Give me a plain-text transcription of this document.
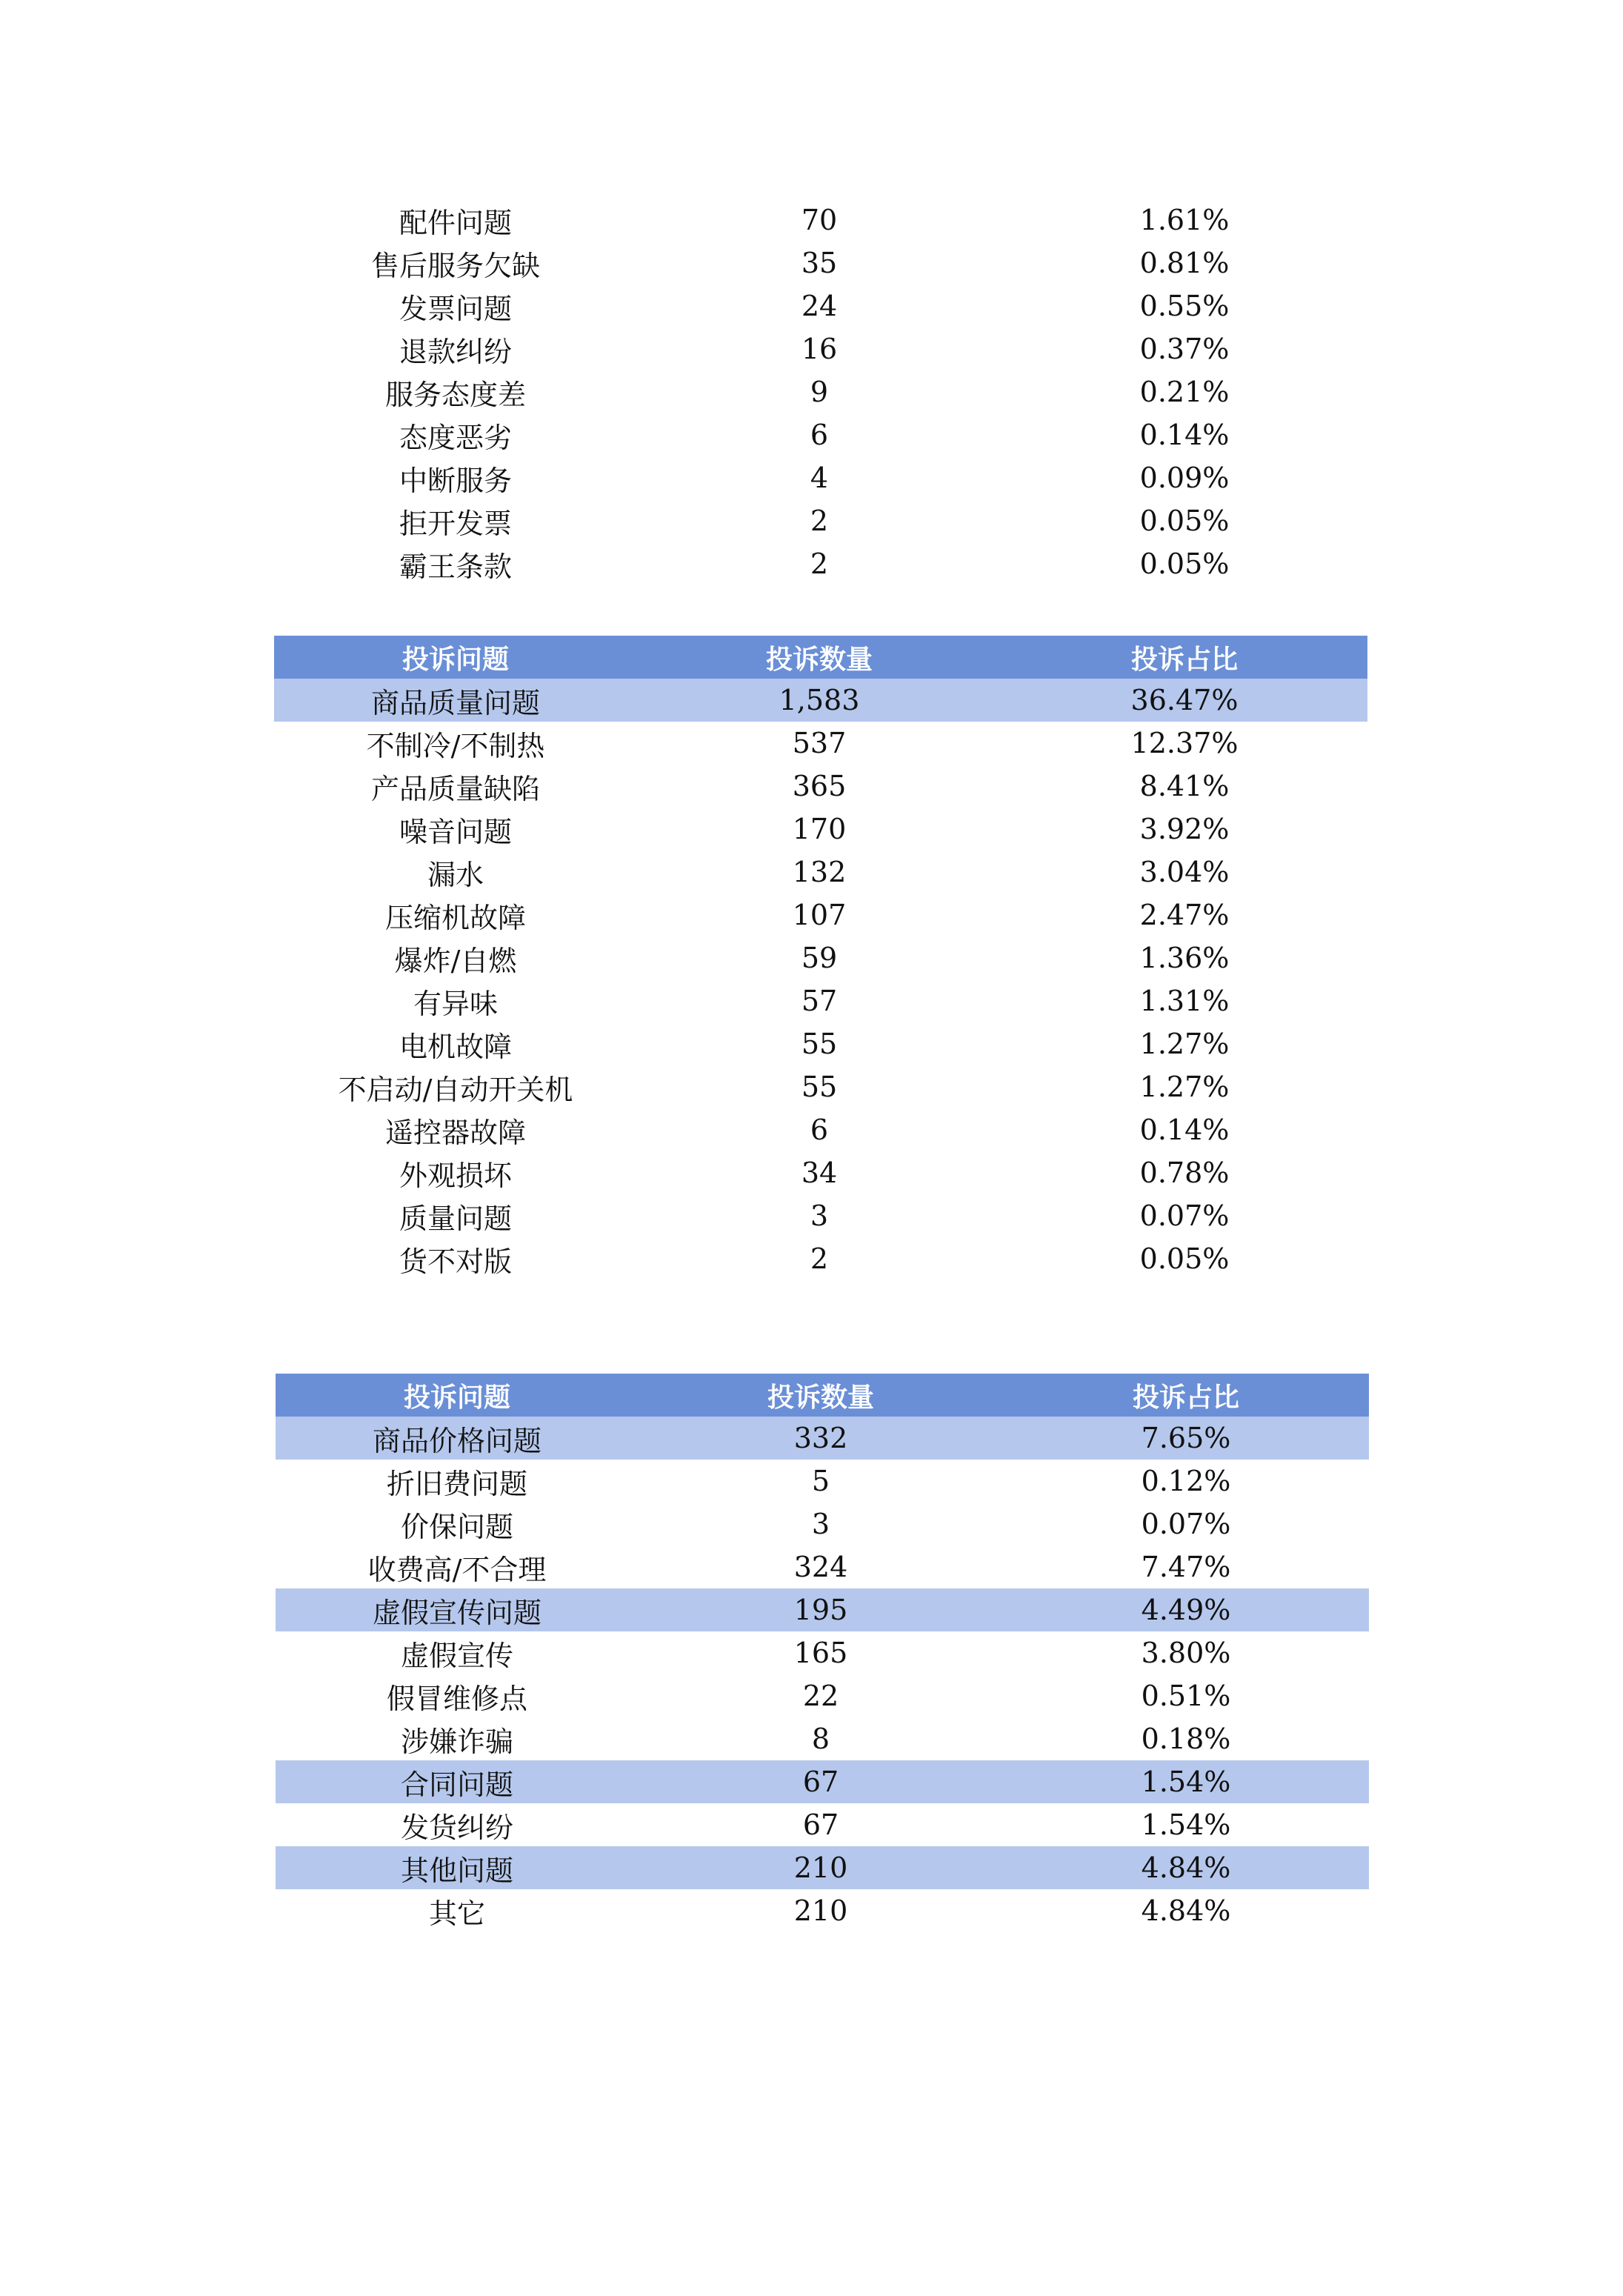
配件问题	70	1.61%
售后服务欠缺	35	0.81%
发票问题	24	0.55%
退款纠纷	16	0.37%
服务态度差	9	0.21%
态度恶劣	6	0.14%
中断服务	4	0.09%
拒开发票	2	0.05%
霸王条款	2	0.05%
投诉问题	投诉数量	投诉占比
商品质量问题	1,583	36.47%
不制冷/不制热	537	12.37%
产品质量缺陷	365	8.41%
噪音问题	170	3.92%
漏水	132	3.04%
压缩机故障	107	2.47%
爆炸/自燃	59	1.36%
有异味	57	1.31%
电机故障	55	1.27%
不启动/自动开关机	55	1.27%
遥控器故障	6	0.14%
外观损坏	34	0.78%
质量问题	3	0.07%
货不对版	2	0.05%
投诉问题	投诉数量	投诉占比
商品价格问题	332	7.65%
折旧费问题	5	0.12%
价保问题	3	0.07%
收费高/不合理	324	7.47%
虚假宣传问题	195	4.49%
虚假宣传	165	3.80%
假冒维修点	22	0.51%
涉嫌诈骗	8	0.18%
合同问题	67	1.54%
发货纠纷	67	1.54%
其他问题	210	4.84%
其它	210	4.84%
